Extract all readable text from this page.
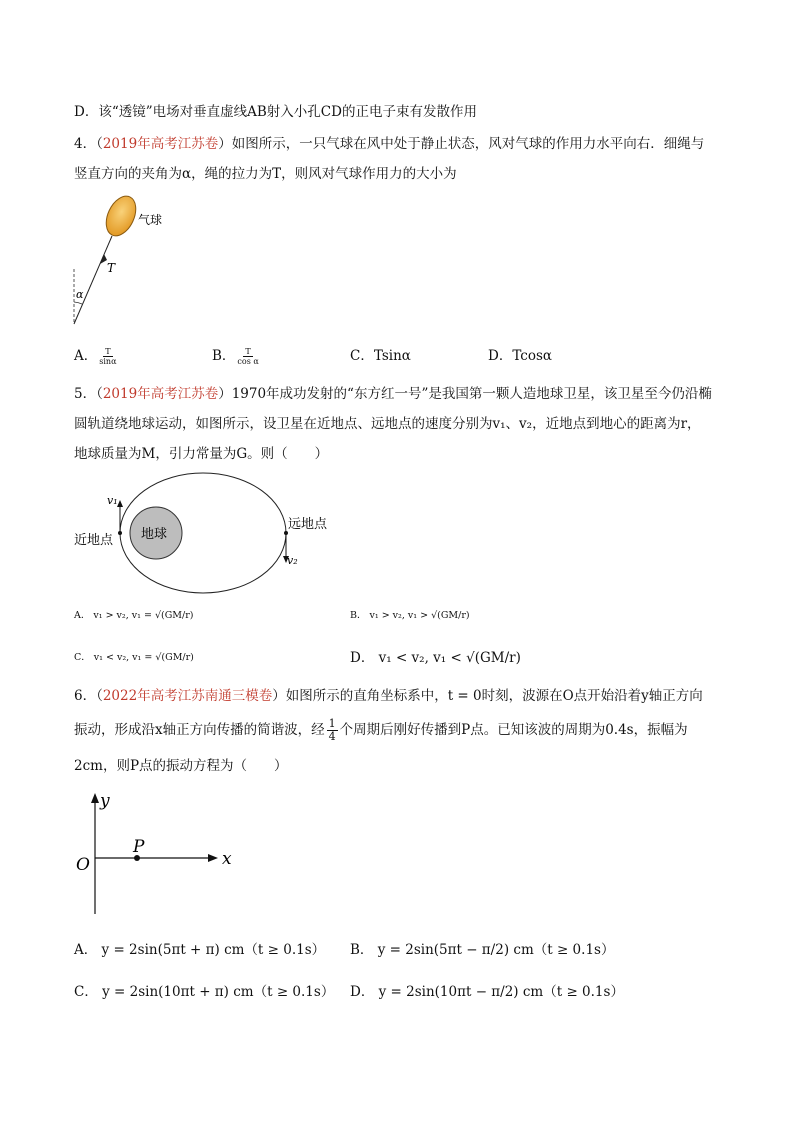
D．该“透镜”电场对垂直虚线AB射入小孔CD的正电子束有发散作用
4．（2019年高考江苏卷）如图所示，一只气球在风中处于静止状态，风对气球的作用力水平向右．细绳与
竖直方向的夹角为α，绳的拉力为T，则风对气球作用力的大小为
气球
T
α
A． $\frac{T}{\sin\alpha}$	B． $\frac{T}{\text{cos α}}$	C．Tsinα	D．Tcosα
5．（2019年高考江苏卷）1970年成功发射的“东方红一号”是我国第一颗人造地球卫星，该卫星至今仍沿椭
圆轨道绕地球运动，如图所示，设卫星在近地点、远地点的速度分别为v₁、v₂，近地点到地心的距离为r，
地球质量为M，引力常量为G。则（　　）
地球
v₁
v₂
近地点
远地点
A． v₁ > v₂, v₁ = √(GM/r)	B． v₁ > v₂, v₁ > √(GM/r)
C． v₁ < v₂, v₁ = √(GM/r)	D． v₁ < v₂, v₁ < √(GM/r)
6．（2022年高考江苏南通三模卷）如图所示的直角坐标系中，t = 0时刻，波源在O点开始沿着y轴正方向
振动，形成沿x轴正方向传播的简谐波，经 $\frac{1}{4}$ 个周期后刚好传播到P点。已知该波的周期为0.4s，振幅为
2cm，则P点的振动方程为（　　）
y
x
O
P
A． y = 2sin(5πt + π) cm（t ≥ 0.1s） B． y = 2sin(5πt − π/2) cm（t ≥ 0.1s）
C． y = 2sin(10πt + π) cm（t ≥ 0.1s） D． y = 2sin(10πt − π/2) cm（t ≥ 0.1s）
